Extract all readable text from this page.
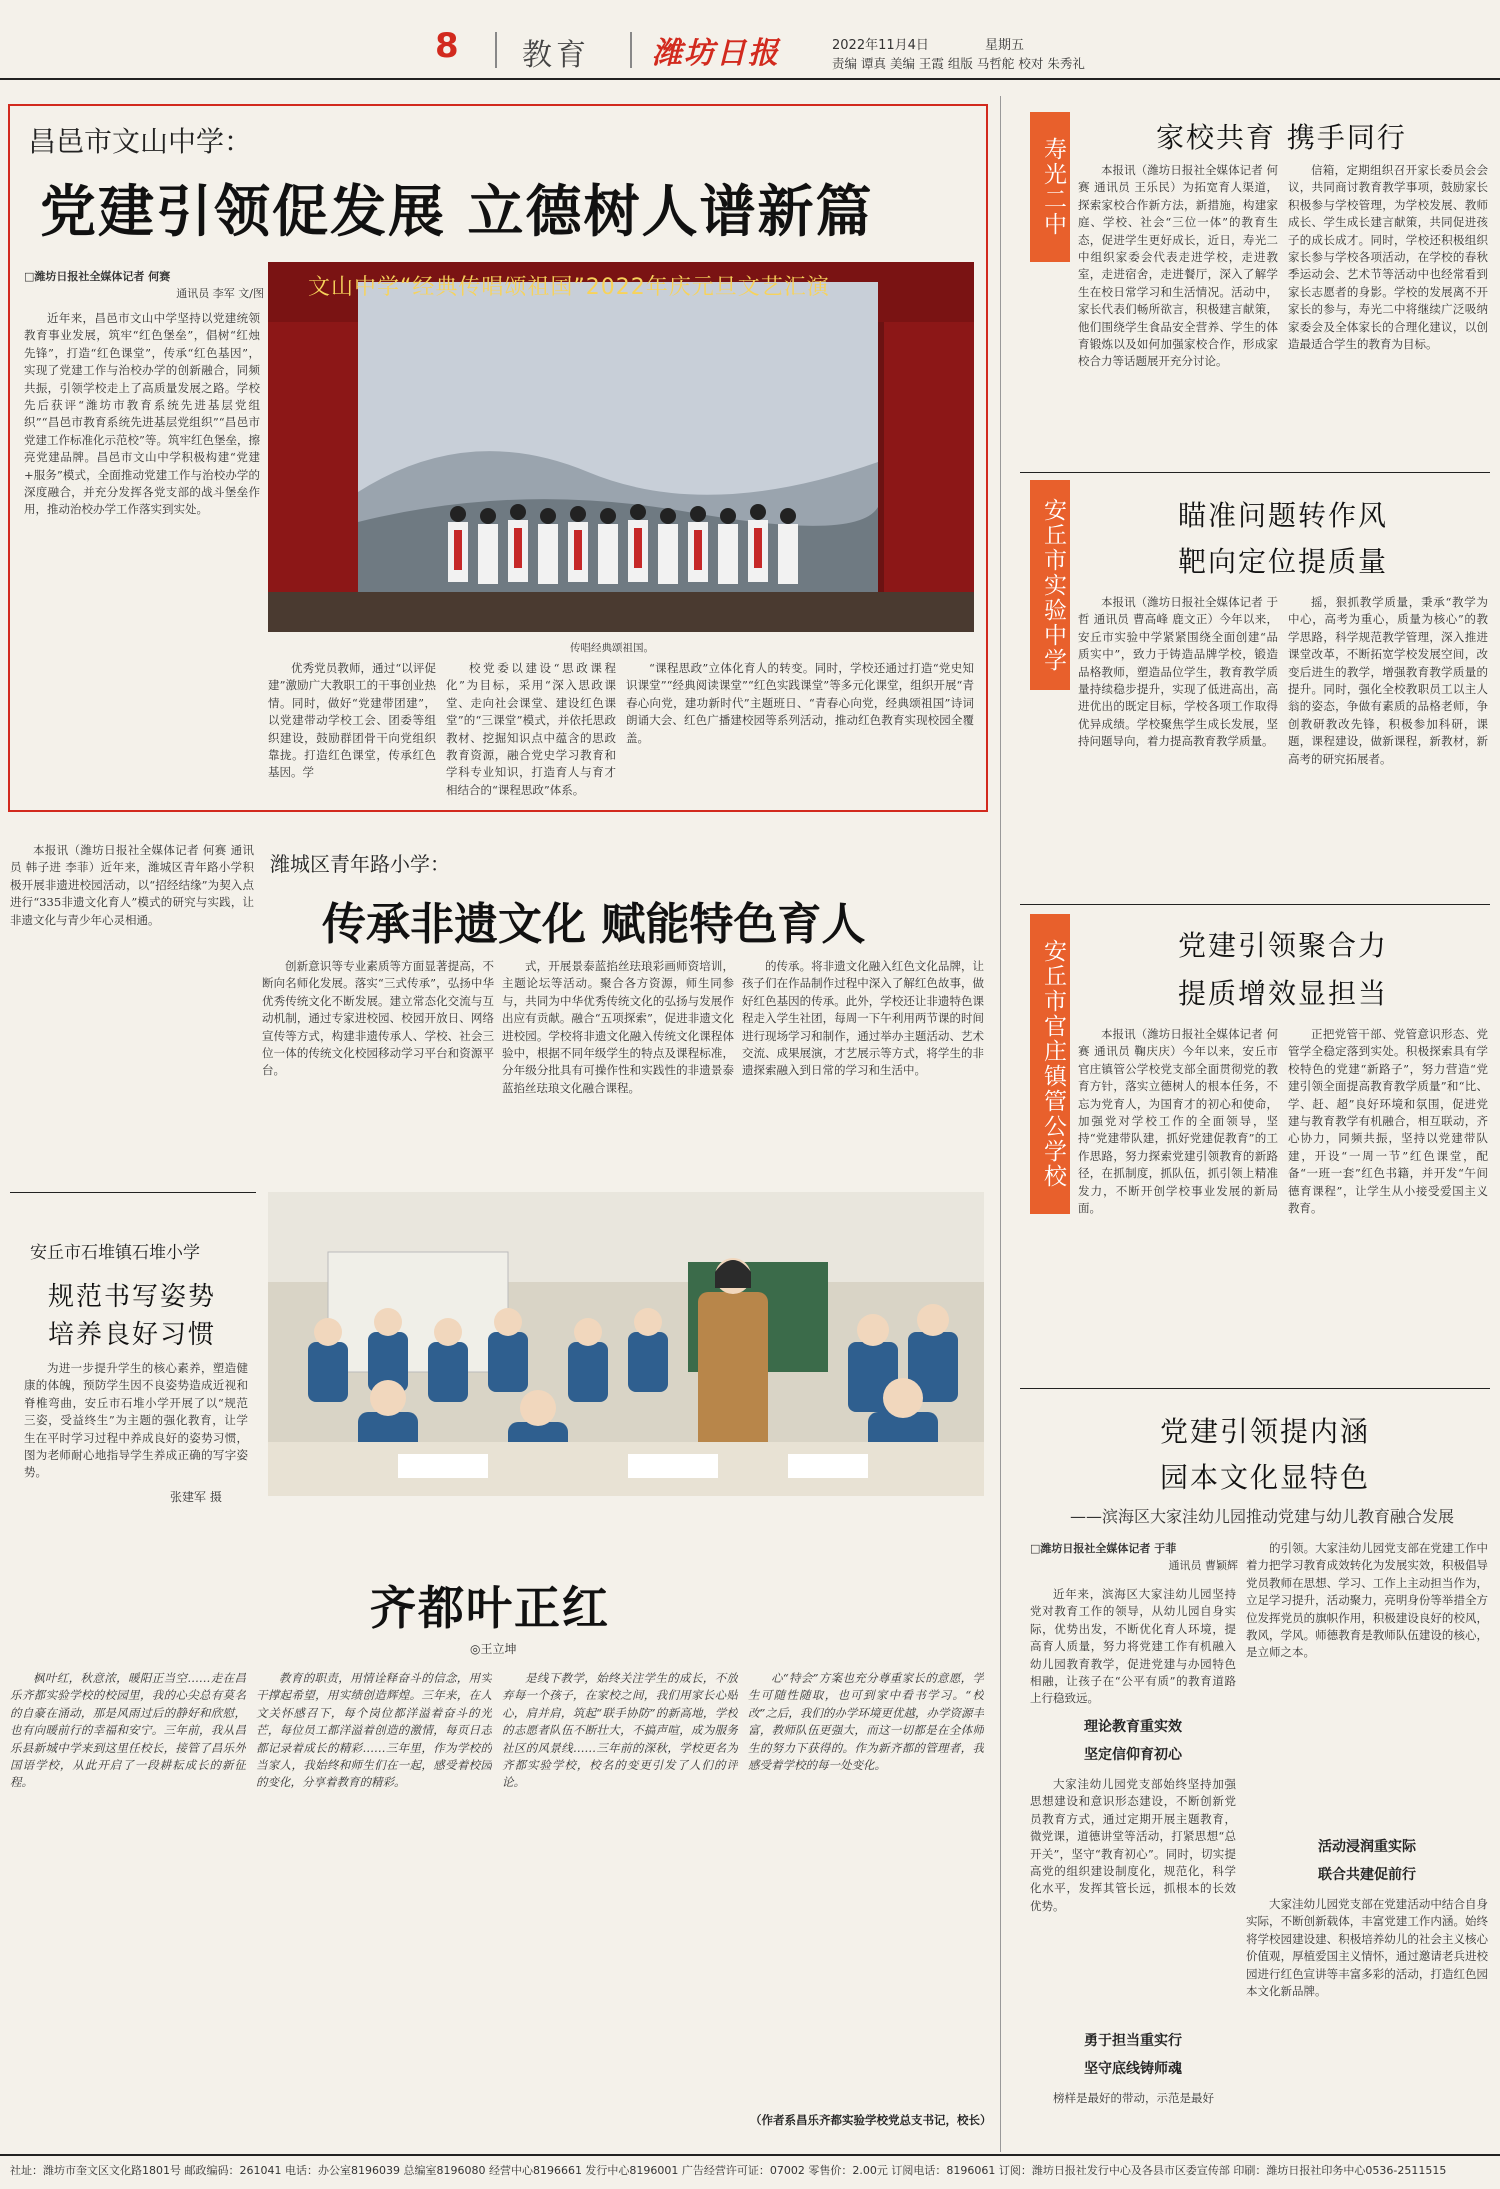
8 教育 潍坊日报	2022年11月4日	星期五
责编 谭真 美编 王霞 组版 马哲舵 校对 朱秀礼
昌邑市文山中学：
党建引领促发展 立德树人谱新篇
□潍坊日报社全媒体记者 何赛
通讯员 李军 文/图

近年来，昌邑市文山中学坚持以党建统领教育事业发展，筑牢“红色堡垒”，倡树“红烛先锋”，打造“红色课堂”，传承“红色基因”，实现了党建工作与治校办学的创新融合，同频共振，引领学校走上了高质量发展之路。学校先后获评“潍坊市教育系统先进基层党组织”“昌邑市教育系统先进基层党组织”“昌邑市党建工作标准化示范校”等。筑牢红色堡垒，擦亮党建品牌。昌邑市文山中学积极构建“党建+服务”模式，全面推动党建工作与治校办学的深度融合，并充分发挥各党支部的战斗堡垒作用，推动治校办学工作落实到实处。

文山中学“经典传唱颂祖国”2022年庆元旦文艺汇演
传唱经典颂祖国。

优秀党员教师，通过“以评促建”激励广大教职工的干事创业热情。同时，做好“党建带团建”，以党建带动学校工会、团委等组织建设，鼓励群团骨干向党组织靠拢。打造红色课堂，传承红色基因。学

校党委以建设“思政课程化”为目标，采用“深入思政课堂、走向社会课堂、建设红色课堂”的“三课堂”模式，并依托思政教材、挖掘知识点中蕴含的思政教育资源，融合党史学习教育和学科专业知识，打造育人与育才相结合的“课程思政”体系。

“课程思政”立体化育人的转变。同时，学校还通过打造“党史知识课堂”“经典阅读课堂”“红色实践课堂”等多元化课堂，组织开展“青春心向党，建功新时代”主题班日、“青春心向党，经典颂祖国”诗词朗诵大会、红色广播建校园等系列活动，推动红色教育实现校园全覆盖。

本报讯（潍坊日报社全媒体记者 何赛 通讯员 韩子进 李菲）近年来，潍城区青年路小学积极开展非遗进校园活动，以“招经结缘”为契入点进行“335非遗文化育人”模式的研究与实践，让非遗文化与青少年心灵相通。

潍城区青年路小学：
传承非遗文化 赋能特色育人

创新意识等专业素质等方面显著提高，不断向名师化发展。落实“三式传承”，弘扬中华优秀传统文化不断发展。建立常态化交流与互动机制，通过专家进校园、校园开放日、网络宣传等方式，构建非遗传承人、学校、社会三位一体的传统文化校园移动学习平台和资源平台。

式，开展景泰蓝掐丝珐琅彩画师资培训，主题论坛等活动。聚合各方资源，师生同参与，共同为中华优秀传统文化的弘扬与发展作出应有贡献。融合“五项探索”，促进非遗文化进校园。学校将非遗文化融入传统文化课程体验中，根据不同年级学生的特点及课程标准，分年级分批具有可操作性和实践性的非遗景泰蓝掐丝珐琅文化融合课程。

的传承。将非遗文化融入红色文化品牌，让孩子们在作品制作过程中深入了解红色故事，做好红色基因的传承。此外，学校还让非遗特色课程走入学生社团，每周一下午利用两节课的时间进行现场学习和制作，通过举办主题活动、艺术交流、成果展演，才艺展示等方式，将学生的非遗探索融入到日常的学习和生活中。

安丘市石堆镇石堆小学
规范书写姿势
培养良好习惯

为进一步提升学生的核心素养，塑造健康的体魄，预防学生因不良姿势造成近视和脊椎弯曲，安丘市石堆小学开展了以“规范三姿，受益终生”为主题的强化教育，让学生在平时学习过程中养成良好的姿势习惯，图为老师耐心地指导学生养成正确的写字姿势。

张建军 摄
齐都叶正红
◎王立坤

枫叶红，秋意浓，暖阳正当空……走在昌乐齐都实验学校的校园里，我的心尖总有莫名的自豪在涌动，那是风雨过后的静好和欣慰，也有向暖前行的幸福和安宁。三年前，我从昌乐县新城中学来到这里任校长，接管了昌乐外国语学校，从此开启了一段耕耘成长的新征程。

教育的职责，用情诠释奋斗的信念，用实干撑起希望，用实绩创造辉煌。三年来，在人文关怀感召下，每个岗位都洋溢着奋斗的光芒，每位员工都洋溢着创造的激情，每页日志都记录着成长的精彩……三年里，作为学校的当家人，我始终和师生们在一起，感受着校园的变化，分享着教育的精彩。

是线下教学，始终关注学生的成长，不放弃每一个孩子，在家校之间，我们用家长心贴心，肩并肩，筑起“联手协防”的新高地，学校的志愿者队伍不断壮大，不搞声喧，成为服务社区的风景线……三年前的深秋，学校更名为齐都实验学校，校名的变更引发了人们的评论。

心“特会”方案也充分尊重家长的意愿，学生可随性随取，也可到家中看书学习。“校改”之后，我们的办学环境更优越，办学资源丰富，教师队伍更强大，而这一切都是在全体师生的努力下获得的。作为新齐都的管理者，我感受着学校的每一处变化。

（作者系昌乐齐都实验学校党总支书记，校长）
寿光二中	家校共育 携手同行

本报讯（潍坊日报社全媒体记者 何赛 通讯员 王乐民）为拓宽育人渠道，探索家校合作新方法，新措施，构建家庭、学校、社会“三位一体”的教育生态，促进学生更好成长，近日，寿光二中组织家委会代表走进学校，走进教室，走进宿舍，走进餐厅，深入了解学生在校日常学习和生活情况。活动中，家长代表们畅所欲言，积极建言献策，他们围绕学生食品安全营养、学生的体育锻炼以及如何加强家校合作，形成家校合力等话题展开充分讨论。

信箱，定期组织召开家长委员会会议，共同商讨教育教学事项，鼓励家长积极参与学校管理，为学校发展、教师成长、学生成长建言献策，共同促进孩子的成长成才。同时，学校还积极组织家长参与学校各项活动，在学校的春秋季运动会、艺术节等活动中也经常看到家长志愿者的身影。学校的发展离不开家长的参与，寿光二中将继续广泛吸纳家委会及全体家长的合理化建议，以创造最适合学生的教育为目标。

安丘市实验中学	瞄准问题转作风
靶向定位提质量

本报讯（潍坊日报社全媒体记者 于哲 通讯员 曹高峰 鹿文正）今年以来，安丘市实验中学紧紧围绕全面创建“品质实中”，致力于铸造品牌学校，锻造品格教师，塑造品位学生，教育教学质量持续稳步提升，实现了低进高出，高进优出的既定目标，学校各项工作取得优异成绩。学校聚焦学生成长发展，坚持问题导向，着力提高教育教学质量。

摇，狠抓教学质量，秉承“教学为中心，高考为重心，质量为核心”的教学思路，科学规范教学管理，深入推进课堂改革，不断拓宽学校发展空间，改变后进生的教学，增强教育教学质量的提升。同时，强化全校教职员工以主人翁的姿态，争做有素质的品格老师，争创教研教改先锋，积极参加科研，课题，课程建设，做新课程，新教材，新高考的研究拓展者。

安丘市官庄镇管公学校	党建引领聚合力
提质增效显担当

本报讯（潍坊日报社全媒体记者 何赛 通讯员 鞠庆庆）今年以来，安丘市官庄镇管公学校党支部全面贯彻党的教育方针，落实立德树人的根本任务，不忘为党育人，为国育才的初心和使命，加强党对学校工作的全面领导，坚持“党建带队建，抓好党建促教育”的工作思路，努力探索党建引领教育的新路径，在抓制度，抓队伍，抓引领上精准发力，不断开创学校事业发展的新局面。

正把党管干部、党管意识形态、党管学全稳定落到实处。积极探索具有学校特色的党建“新路子”，努力营造“党建引领全面提高教育教学质量”和“比、学、赶、超”良好环境和氛围，促进党建与教育教学有机融合，相互联动，齐心协力，同频共振，坚持以党建带队建，开设“一周一节”红色课堂，配备“一班一套”红色书籍，并开发“午间德育课程”，让学生从小接受爱国主义教育。

党建引领提内涵
园本文化显特色
——滨海区大家洼幼儿园推动党建与幼儿教育融合发展
□潍坊日报社全媒体记者 于菲
通讯员 曹颖辉

近年来，滨海区大家洼幼儿园坚持党对教育工作的领导，从幼儿园自身实际，优势出发，不断优化育人环境，提高育人质量，努力将党建工作有机融入幼儿园教育教学，促进党建与办园特色相融，让孩子在“公平有质”的教育道路上行稳致远。

理论教育重实效
坚定信仰育初心

大家洼幼儿园党支部始终坚持加强思想建设和意识形态建设，不断创新党员教育方式，通过定期开展主题教育，微党课，道德讲堂等活动，打紧思想“总开关”，坚守“教育初心”。同时，切实提高党的组织建设制度化，规范化，科学化水平，发挥其管长远，抓根本的长效优势。

勇于担当重实行
坚守底线铸师魂

榜样是最好的带动，示范是最好

的引领。大家洼幼儿园党支部在党建工作中着力把学习教育成效转化为发展实效，积极倡导党员教师在思想、学习、工作上主动担当作为，立足学习提升，活动聚力，亮明身份等举措全方位发挥党员的旗帜作用，积极建设良好的校风，教风，学风。师德教育是教师队伍建设的核心，是立师之本。

活动浸润重实际
联合共建促前行

大家洼幼儿园党支部在党建活动中结合自身实际，不断创新载体，丰富党建工作内涵。始终将学校园建设建、积极培养幼儿的社会主义核心价值观，厚植爱国主义情怀，通过邀请老兵进校园进行红色宣讲等丰富多彩的活动，打造红色园本文化新品牌。

社址：潍坊市奎文区文化路1801号 邮政编码：261041 电话：办公室8196039 总编室8196080 经营中心8196661 发行中心8196001 广告经营许可证：07002 零售价：2.00元 订阅电话：8196061 订阅：潍坊日报社发行中心及各县市区委宣传部 印刷：潍坊日报社印务中心0536-2511515
